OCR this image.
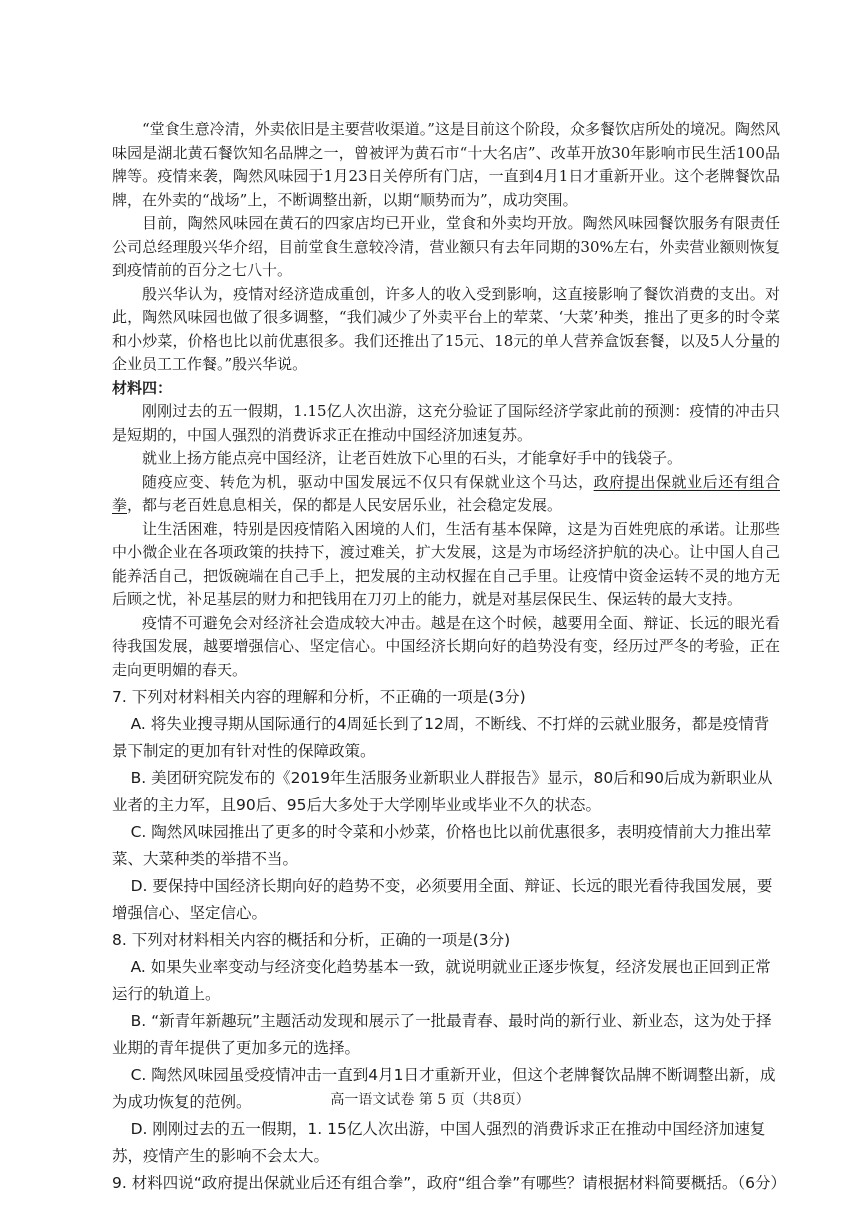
“堂食生意冷清，外卖依旧是主要营收渠道。”这是目前这个阶段，众多餐饮店所处的境况。陶然风味园是湖北黄石餐饮知名品牌之一，曾被评为黄石市“十大名店”、改革开放30年影响市民生活100品牌等。疫情来袭，陶然风味园于1月23日关停所有门店，一直到4月1日才重新开业。这个老牌餐饮品牌，在外卖的“战场”上，不断调整出新，以期“顺势而为”，成功突围。

目前，陶然风味园在黄石的四家店均已开业，堂食和外卖均开放。陶然风味园餐饮服务有限责任公司总经理殷兴华介绍，目前堂食生意较冷清，营业额只有去年同期的30%左右，外卖营业额则恢复到疫情前的百分之七八十。

殷兴华认为，疫情对经济造成重创，许多人的收入受到影响，这直接影响了餐饮消费的支出。对此，陶然风味园也做了很多调整，“我们减少了外卖平台上的荤菜、‘大菜’种类，推出了更多的时令菜和小炒菜，价格也比以前优惠很多。我们还推出了15元、18元的单人营养盒饭套餐，以及5人分量的企业员工工作餐。”殷兴华说。

材料四：

刚刚过去的五一假期，1.15亿人次出游，这充分验证了国际经济学家此前的预测：疫情的冲击只是短期的，中国人强烈的消费诉求正在推动中国经济加速复苏。

就业上扬方能点亮中国经济，让老百姓放下心里的石头，才能拿好手中的钱袋子。

随疫应变、转危为机，驱动中国发展远不仅只有保就业这个马达，政府提出保就业后还有组合拳，都与老百姓息息相关，保的都是人民安居乐业，社会稳定发展。

让生活困难，特别是因疫情陷入困境的人们，生活有基本保障，这是为百姓兜底的承诺。让那些中小微企业在各项政策的扶持下，渡过难关，扩大发展，这是为市场经济护航的决心。让中国人自己能养活自己，把饭碗端在自己手上，把发展的主动权握在自己手里。让疫情中资金运转不灵的地方无后顾之忧，补足基层的财力和把钱用在刀刃上的能力，就是对基层保民生、保运转的最大支持。

疫情不可避免会对经济社会造成较大冲击。越是在这个时候，越要用全面、辩证、长远的眼光看待我国发展，越要增强信心、坚定信心。中国经济长期向好的趋势没有变，经历过严冬的考验，正在走向更明媚的春天。

7. 下列对材料相关内容的理解和分析，不正确的一项是(3分)

A. 将失业搜寻期从国际通行的4周延长到了12周，不断线、不打烊的云就业服务，都是疫情背景下制定的更加有针对性的保障政策。

B. 美团研究院发布的《2019年生活服务业新职业人群报告》显示，80后和90后成为新职业从业者的主力军，且90后、95后大多处于大学刚毕业或毕业不久的状态。

C. 陶然风味园推出了更多的时令菜和小炒菜，价格也比以前优惠很多，表明疫情前大力推出荤菜、大菜种类的举措不当。

D. 要保持中国经济长期向好的趋势不变，必须要用全面、辩证、长远的眼光看待我国发展，要增强信心、坚定信心。

8. 下列对材料相关内容的概括和分析，正确的一项是(3分)

A. 如果失业率变动与经济变化趋势基本一致，就说明就业正逐步恢复，经济发展也正回到正常运行的轨道上。

B. “新青年新趣玩”主题活动发现和展示了一批最青春、最时尚的新行业、新业态，这为处于择业期的青年提供了更加多元的选择。

C. 陶然风味园虽受疫情冲击一直到4月1日才重新开业，但这个老牌餐饮品牌不断调整出新，成为成功恢复的范例。

D. 刚刚过去的五一假期，1. 15亿人次出游，中国人强烈的消费诉求正在推动中国经济加速复苏，疫情产生的影响不会太大。

9. 材料四说“政府提出保就业后还有组合拳”，政府“组合拳”有哪些？请根据材料简要概括。（6分）

高一语文试卷 第 5 页（共8页）
